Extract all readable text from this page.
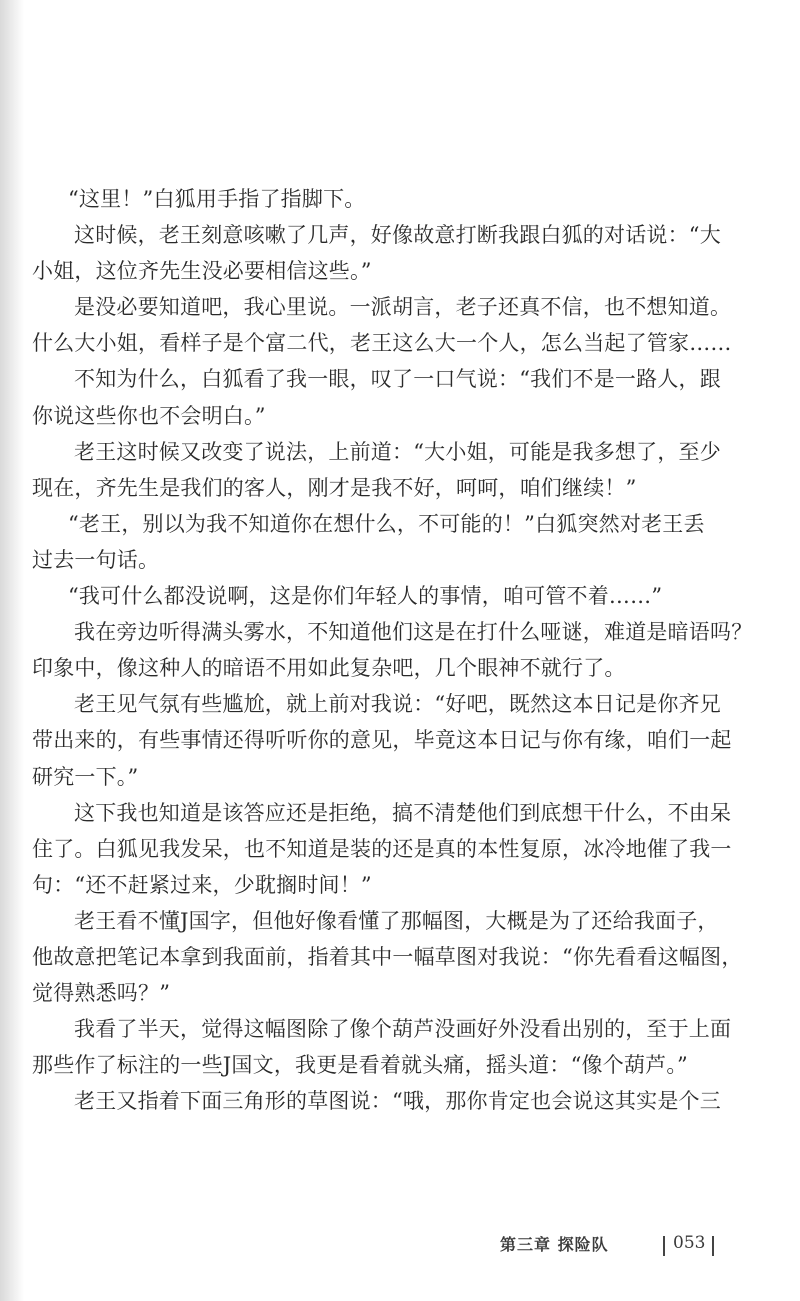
“这里！”白狐用手指了指脚下。
这时候，老王刻意咳嗽了几声，好像故意打断我跟白狐的对话说：“大
小姐，这位齐先生没必要相信这些。”
是没必要知道吧，我心里说。一派胡言，老子还真不信，也不想知道。
什么大小姐，看样子是个富二代，老王这么大一个人，怎么当起了管家……
不知为什么，白狐看了我一眼，叹了一口气说：“我们不是一路人，跟
你说这些你也不会明白。”
老王这时候又改变了说法，上前道：“大小姐，可能是我多想了，至少
现在，齐先生是我们的客人，刚才是我不好，呵呵，咱们继续！”
“老王，别以为我不知道你在想什么，不可能的！”白狐突然对老王丢
过去一句话。
“我可什么都没说啊，这是你们年轻人的事情，咱可管不着……”
我在旁边听得满头雾水，不知道他们这是在打什么哑谜，难道是暗语吗？
印象中，像这种人的暗语不用如此复杂吧，几个眼神不就行了。
老王见气氛有些尴尬，就上前对我说：“好吧，既然这本日记是你齐兄
带出来的，有些事情还得听听你的意见，毕竟这本日记与你有缘，咱们一起
研究一下。”
这下我也知道是该答应还是拒绝，搞不清楚他们到底想干什么，不由呆
住了。白狐见我发呆，也不知道是装的还是真的本性复原，冰冷地催了我一
句：“还不赶紧过来，少耽搁时间！”
老王看不懂J国字，但他好像看懂了那幅图，大概是为了还给我面子，
他故意把笔记本拿到我面前，指着其中一幅草图对我说：“你先看看这幅图，
觉得熟悉吗？”
我看了半天，觉得这幅图除了像个葫芦没画好外没看出别的，至于上面
那些作了标注的一些J国文，我更是看着就头痛，摇头道：“像个葫芦。”
老王又指着下面三角形的草图说：“哦，那你肯定也会说这其实是个三
第三章 探险队	053
